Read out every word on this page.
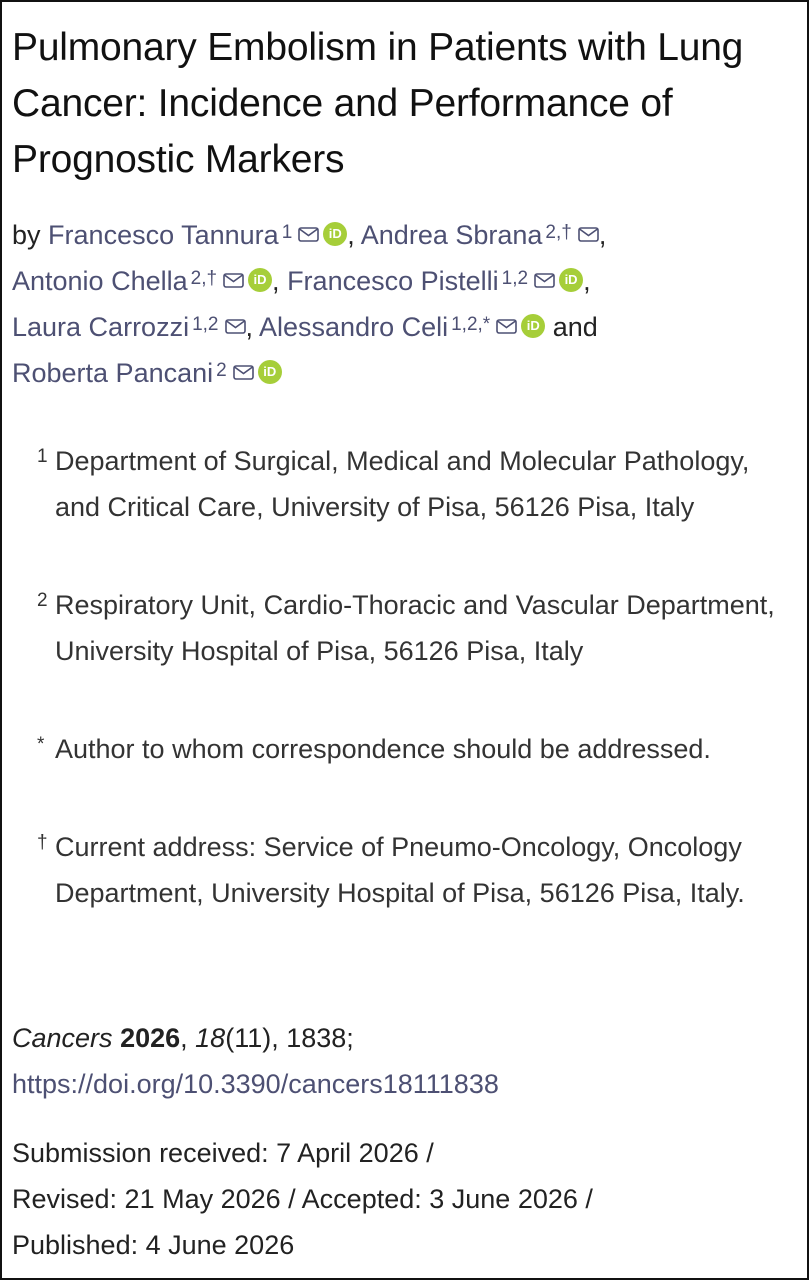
Pulmonary Embolism in Patients with Lung Cancer: Incidence and Performance of Prognostic Markers
by Francesco Tannura $^1$	iD , Andrea Sbrana $^{2,\dagger}$ ,
Antonio Chella $^{2,\dagger}$	iD , Francesco Pistelli $^{1,2}$	iD ,
Laura Carrozzi $^{1,2}$ , Alessandro Celi $^{1,2,*}$	iD and
Roberta Pancani $^2$	iD
1 Department of Surgical, Medical and Molecular Pathology, and Critical Care, University of Pisa, 56126 Pisa, Italy
2 Respiratory Unit, Cardio-Thoracic and Vascular Department, University Hospital of Pisa, 56126 Pisa, Italy
* Author to whom correspondence should be addressed.
† Current address: Service of Pneumo-Oncology, Oncology Department, University Hospital of Pisa, 56126 Pisa, Italy.
Cancers 2026, 18(11), 1838;
https://doi.org/10.3390/cancers18111838
Submission received: 7 April 2026 /
Revised: 21 May 2026 / Accepted: 3 June 2026 /
Published: 4 June 2026
